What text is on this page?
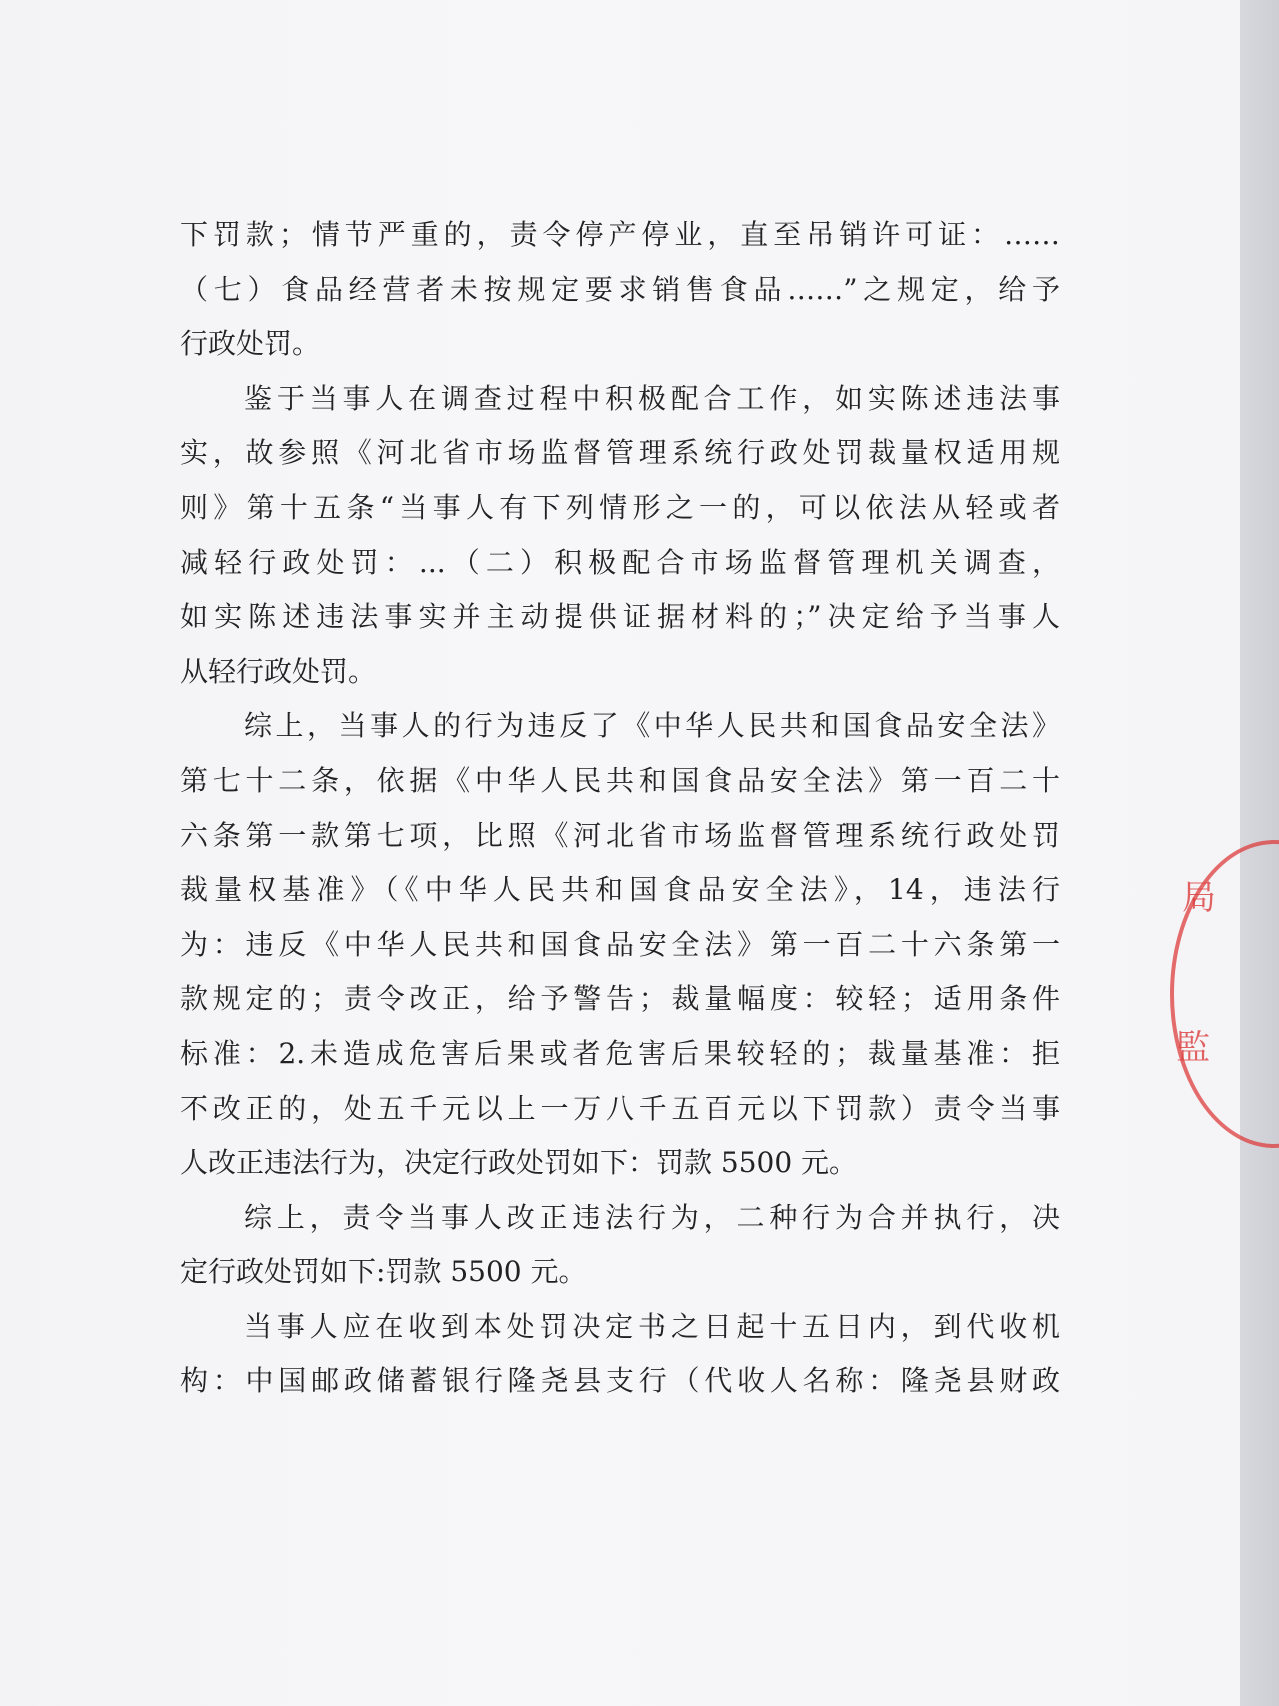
下罚款；情节严重的，责令停产停业，直至吊销许可证：……
（七）食品经营者未按规定要求销售食品……”之规定，给予
行政处罚。
鉴于当事人在调查过程中积极配合工作，如实陈述违法事
实，故参照《河北省市场监督管理系统行政处罚裁量权适用规
则》第十五条“当事人有下列情形之一的，可以依法从轻或者
减轻行政处罚：...（二）积极配合市场监督管理机关调查，
如实陈述违法事实并主动提供证据材料的；”决定给予当事人
从轻行政处罚。
综上，当事人的行为违反了《中华人民共和国食品安全法》
第七十二条，依据《中华人民共和国食品安全法》第一百二十
六条第一款第七项，比照《河北省市场监督管理系统行政处罚
裁量权基准》（《中华人民共和国食品安全法》，14，违法行
为：违反《中华人民共和国食品安全法》第一百二十六条第一
款规定的；责令改正，给予警告；裁量幅度：较轻；适用条件
标准：2.未造成危害后果或者危害后果较轻的；裁量基准：拒
不改正的，处五千元以上一万八千五百元以下罚款）责令当事
人改正违法行为，决定行政处罚如下：罚款 5500 元。
综上，责令当事人改正违法行为，二种行为合并执行，决
定行政处罚如下:罚款 5500 元。
当事人应在收到本处罚决定书之日起十五日内，到代收机
构：中国邮政储蓄银行隆尧县支行（代收人名称：隆尧县财政
局
監
